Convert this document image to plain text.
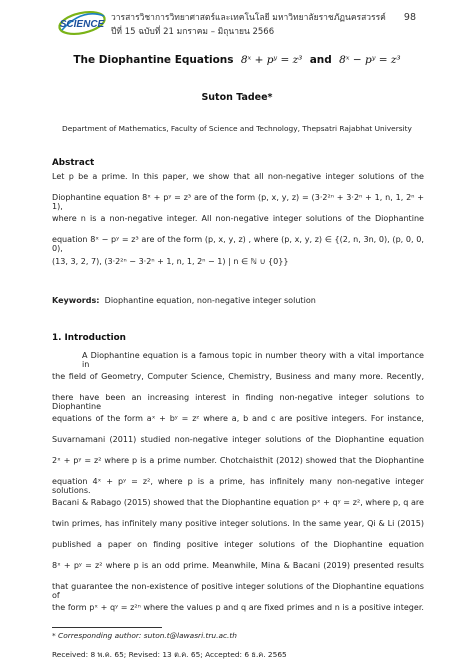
SCIENCE
วารสารวิชาการวิทยาศาสตร์และเทคโนโลยี มหาวิทยาลัยราชภัฏนครสวรรค์
ปีที่ 15 ฉบับที่ 21 มกราคม – มิถุนายน 2566
98
The Diophantine Equations 8ˣ + pʸ = z³ and 8ˣ − pʸ = z³
Suton Tadee*
Department of Mathematics, Faculty of Science and Technology, Thepsatri Rajabhat University
Abstract
Let p be a prime. In this paper, we show that all non-negative integer solutions of the
Diophantine equation 8ˣ + pʸ = z³ are of the form (p, x, y, z) = (3·2²ⁿ + 3·2ⁿ + 1, n, 1, 2ⁿ + 1),
where n is a non-negative integer. All non-negative integer solutions of the Diophantine
equation 8ˣ − pʸ = z³ are of the form (p, x, y, z) , where (p, x, y, z) ∈ {(2, n, 3n, 0), (p, 0, 0, 0),
(13, 3, 2, 7), (3·2²ⁿ − 3·2ⁿ + 1, n, 1, 2ⁿ − 1) | n ∈ ℕ ∪ {0}}
Keywords: Diophantine equation, non-negative integer solution
1. Introduction
A Diophantine equation is a famous topic in number theory with a vital importance in
the field of Geometry, Computer Science, Chemistry, Business and many more. Recently,
there have been an increasing interest in finding non-negative integer solutions to Diophantine
equations of the form aˣ + bʸ = zᶻ where a, b and c are positive integers. For instance,
Suvarnamani (2011) studied non-negative integer solutions of the Diophantine equation
2ˣ + pʸ = z² where p is a prime number. Chotchaisthit (2012) showed that the Diophantine
equation 4ˣ + pʸ = z², where p is a prime, has infinitely many non-negative integer solutions.
Bacani & Rabago (2015) showed that the Diophantine equation pˣ + qʸ = z², where p, q are
twin primes, has infinitely many positive integer solutions. In the same year, Qi & Li (2015)
published a paper on finding positive integer solutions of the Diophantine equation
8ˣ + pʸ = z² where p is an odd prime. Meanwhile, Mina & Bacani (2019) presented results
that guarantee the non-existence of positive integer solutions of the Diophantine equations of
the form pˣ + qʸ = z²ⁿ where the values p and q are fixed primes and n is a positive integer.
* Corresponding author: suton.t@lawasri.tru.ac.th
Received: 8 พ.ค. 65; Revised: 13 ต.ค. 65; Accepted: 6 ธ.ค. 2565
